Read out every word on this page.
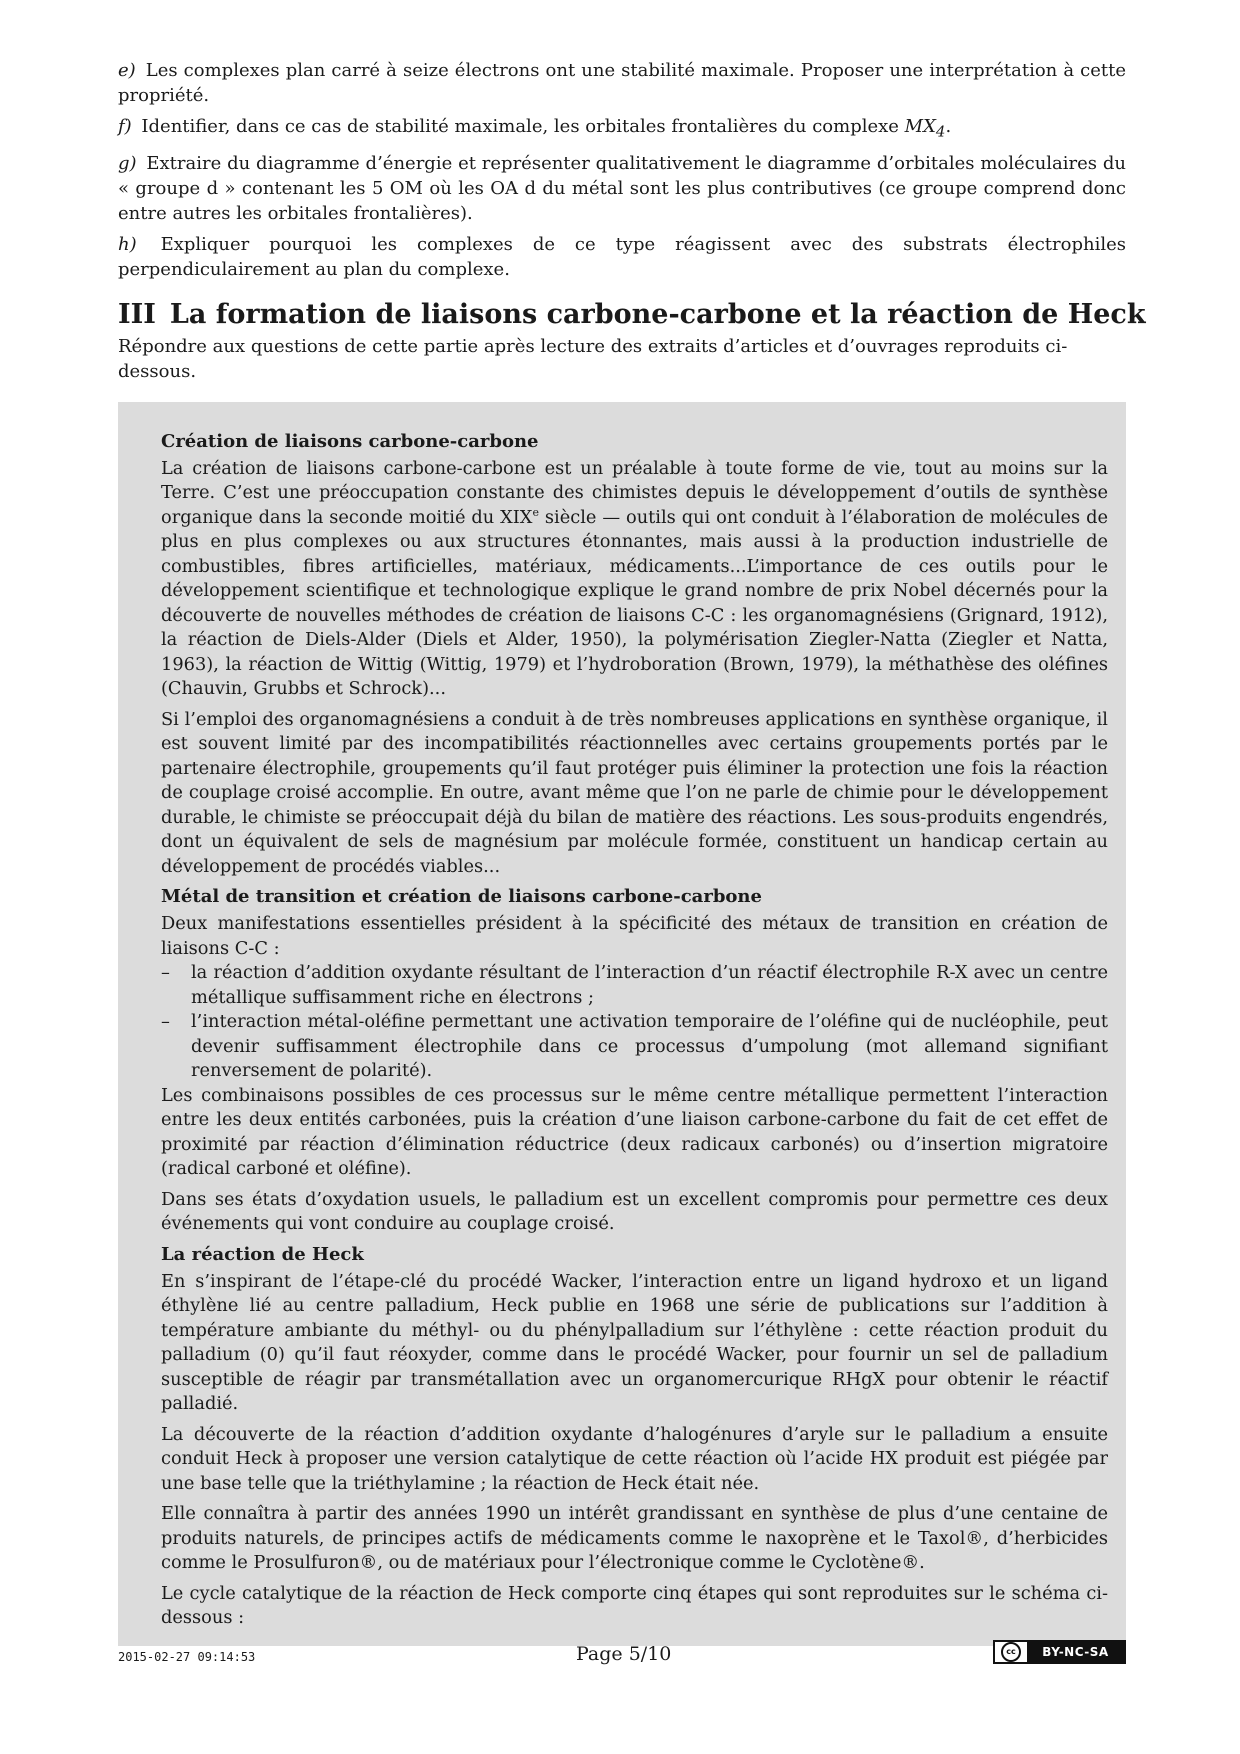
e) Les complexes plan carré à seize électrons ont une stabilité maximale. Proposer une interprétation à cette propriété.

f) Identifier, dans ce cas de stabilité maximale, les orbitales frontalières du complexe $MX_4$.

g) Extraire du diagramme d’énergie et représenter qualitativement le diagramme d’orbitales moléculaires du « groupe d » contenant les 5 OM où les OA d du métal sont les plus contributives (ce groupe comprend donc entre autres les orbitales frontalières).

h) Expliquer pourquoi les complexes de ce type réagissent avec des substrats électrophiles perpendiculairement au plan du complexe.

III La formation de liaisons carbone-carbone et la réaction de Heck

Répondre aux questions de cette partie après lecture des extraits d’articles et d’ouvrages reproduits ci-dessous.

Création de liaisons carbone-carbone

La création de liaisons carbone-carbone est un préalable à toute forme de vie, tout au moins sur la Terre. C’est une préoccupation constante des chimistes depuis le développement d’outils de synthèse organique dans la seconde moitié du XIXe siècle — outils qui ont conduit à l’élaboration de molécules de plus en plus complexes ou aux structures étonnantes, mais aussi à la production industrielle de combustibles, fibres artificielles, matériaux, médicaments...L’importance de ces outils pour le développement scientifique et technologique explique le grand nombre de prix Nobel décernés pour la découverte de nouvelles méthodes de création de liaisons C-C : les organomagnésiens (Grignard, 1912), la réaction de Diels-Alder (Diels et Alder, 1950), la polymérisation Ziegler-Natta (Ziegler et Natta, 1963), la réaction de Wittig (Wittig, 1979) et l’hydroboration (Brown, 1979), la méthathèse des oléfines (Chauvin, Grubbs et Schrock)...

Si l’emploi des organomagnésiens a conduit à de très nombreuses applications en synthèse organique, il est souvent limité par des incompatibilités réactionnelles avec certains groupements portés par le partenaire électrophile, groupements qu’il faut protéger puis éliminer la protection une fois la réaction de couplage croisé accomplie. En outre, avant même que l’on ne parle de chimie pour le développement durable, le chimiste se préoccupait déjà du bilan de matière des réactions. Les sous-produits engendrés, dont un équivalent de sels de magnésium par molécule formée, constituent un handicap certain au développement de procédés viables...

Métal de transition et création de liaisons carbone-carbone

Deux manifestations essentielles président à la spécificité des métaux de transition en création de liaisons C-C :

– la réaction d’addition oxydante résultant de l’interaction d’un réactif électrophile R-X avec un centre métallique suffisamment riche en électrons ;
– l’interaction métal-oléfine permettant une activation temporaire de l’oléfine qui de nucléophile, peut devenir suffisamment électrophile dans ce processus d’umpolung (mot allemand signifiant renversement de polarité).

Les combinaisons possibles de ces processus sur le même centre métallique permettent l’interaction entre les deux entités carbonées, puis la création d’une liaison carbone-carbone du fait de cet effet de proximité par réaction d’élimination réductrice (deux radicaux carbonés) ou d’insertion migratoire (radical carboné et oléfine).

Dans ses états d’oxydation usuels, le palladium est un excellent compromis pour permettre ces deux événements qui vont conduire au couplage croisé.

La réaction de Heck

En s’inspirant de l’étape-clé du procédé Wacker, l’interaction entre un ligand hydroxo et un ligand éthylène lié au centre palladium, Heck publie en 1968 une série de publications sur l’addition à température ambiante du méthyl- ou du phénylpalladium sur l’éthylène : cette réaction produit du palladium (0) qu’il faut réoxyder, comme dans le procédé Wacker, pour fournir un sel de palladium susceptible de réagir par transmétallation avec un organomercurique RHgX pour obtenir le réactif palladié.

La découverte de la réaction d’addition oxydante d’halogénures d’aryle sur le palladium a ensuite conduit Heck à proposer une version catalytique de cette réaction où l’acide HX produit est piégée par une base telle que la triéthylamine ; la réaction de Heck était née.

Elle connaîtra à partir des années 1990 un intérêt grandissant en synthèse de plus d’une centaine de produits naturels, de principes actifs de médicaments comme le naxoprène et le Taxol®, d’herbicides comme le Prosulfuron®, ou de matériaux pour l’électronique comme le Cyclotène®.

Le cycle catalytique de la réaction de Heck comporte cinq étapes qui sont reproduites sur le schéma ci-dessous :

2015-02-27 09:14:53	Page 5/10	cc	BY-NC-SA
